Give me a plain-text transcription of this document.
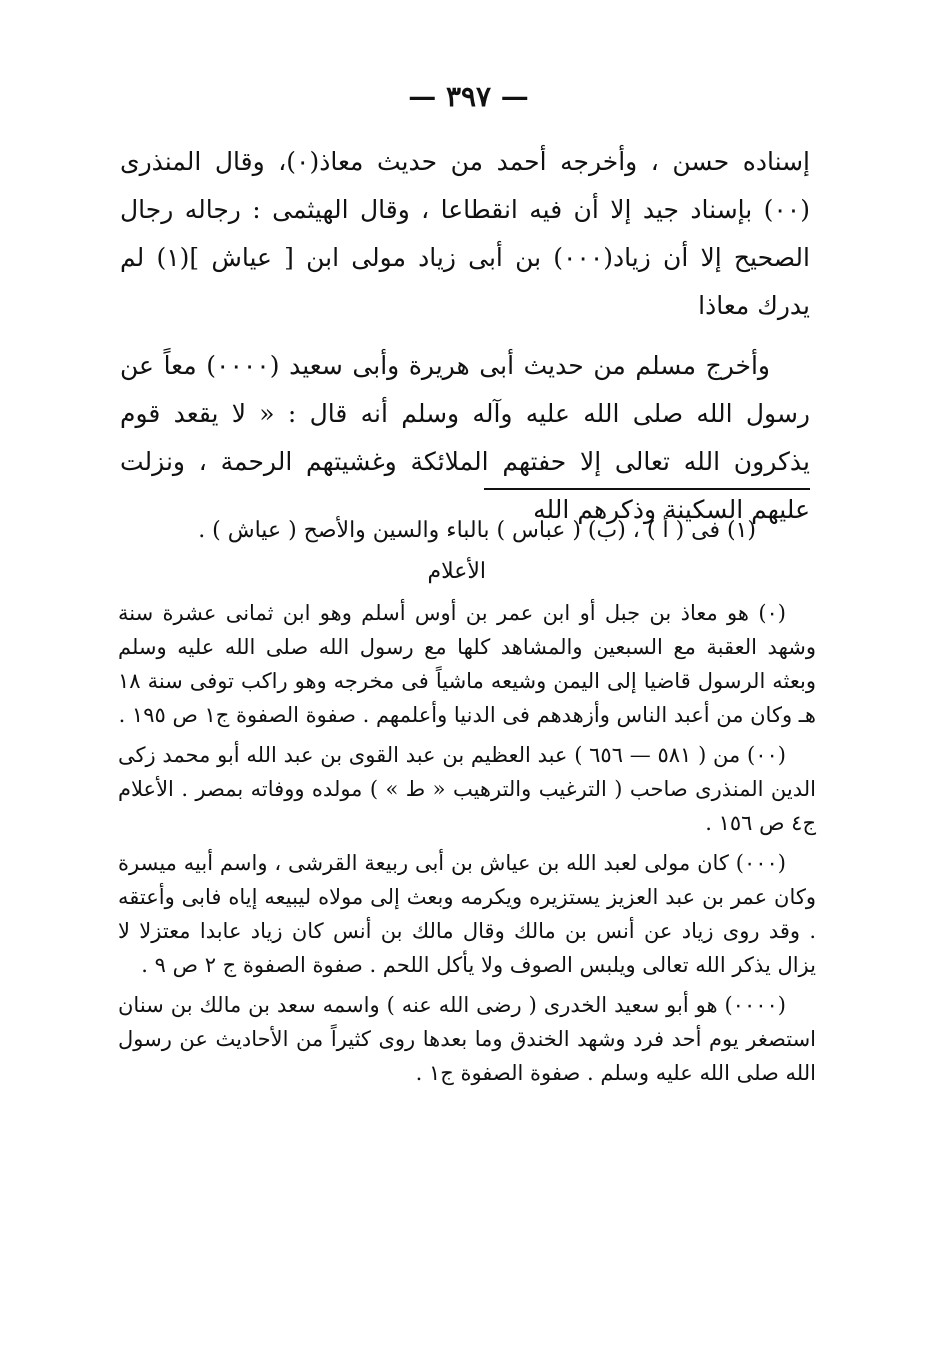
— ٣٩٧ —

إسناده حسن ، وأخرجه أحمد من حديث معاذ(٠)، وقال المنذرى (٠٠) بإسناد جيد إلا أن فيه انقطاعا ، وقال الهيثمى : رجاله رجال الصحيح إلا أن زياد(٠٠٠) بن أبى زياد مولى ابن [ عياش ](١) لم يدرك معاذا

وأخرج مسلم من حديث أبى هريرة وأبى سعيد (٠٠٠٠) معاً عن رسول الله صلى الله عليه وآله وسلم أنه قال : « لا يقعد قوم يذكرون الله تعالى إلا حفتهم الملائكة وغشيتهم الرحمة ، ونزلت عليهم السكينة وذكرهم الله

(١) فى ( أ ) ، (ب) ( عباس ) بالباء والسين والأصح ( عياش ) .

الأعلام

(٠) هو معاذ بن جبل أو ابن عمر بن أوس أسلم وهو ابن ثمانى عشرة سنة وشهد العقبة مع السبعين والمشاهد كلها مع رسول الله صلى الله عليه وسلم وبعثه الرسول قاضيا إلى اليمن وشيعه ماشياً فى مخرجه وهو راكب توفى سنة ١٨ هـ وكان من أعبد الناس وأزهدهم فى الدنيا وأعلمهم . صفوة الصفوة ج١ ص ١٩٥ .

(٠٠) من ( ٥٨١ — ٦٥٦ ) عبد العظيم بن عبد القوى بن عبد الله أبو محمد زكى الدين المنذرى صاحب ( الترغيب والترهيب « ط » ) مولده ووفاته بمصر . الأعلام ج٤ ص ١٥٦ .

(٠٠٠) كان مولى لعبد الله بن عياش بن أبى ربيعة القرشى ، واسم أبيه ميسرة وكان عمر بن عبد العزيز يستزيره ويكرمه وبعث إلى مولاه ليبيعه إياه فابى وأعتقه . وقد روى زياد عن أنس بن مالك وقال مالك بن أنس كان زياد عابدا معتزلا لا يزال يذكر الله تعالى ويلبس الصوف ولا يأكل اللحم . صفوة الصفوة ج ٢ ص ٩ .

(٠٠٠٠) هو أبو سعيد الخدرى ( رضى الله عنه ) واسمه سعد بن مالك بن سنان استصغر يوم أحد فرد وشهد الخندق وما بعدها روى كثيراً من الأحاديث عن رسول الله صلى الله عليه وسلم . صفوة الصفوة ج١ .
